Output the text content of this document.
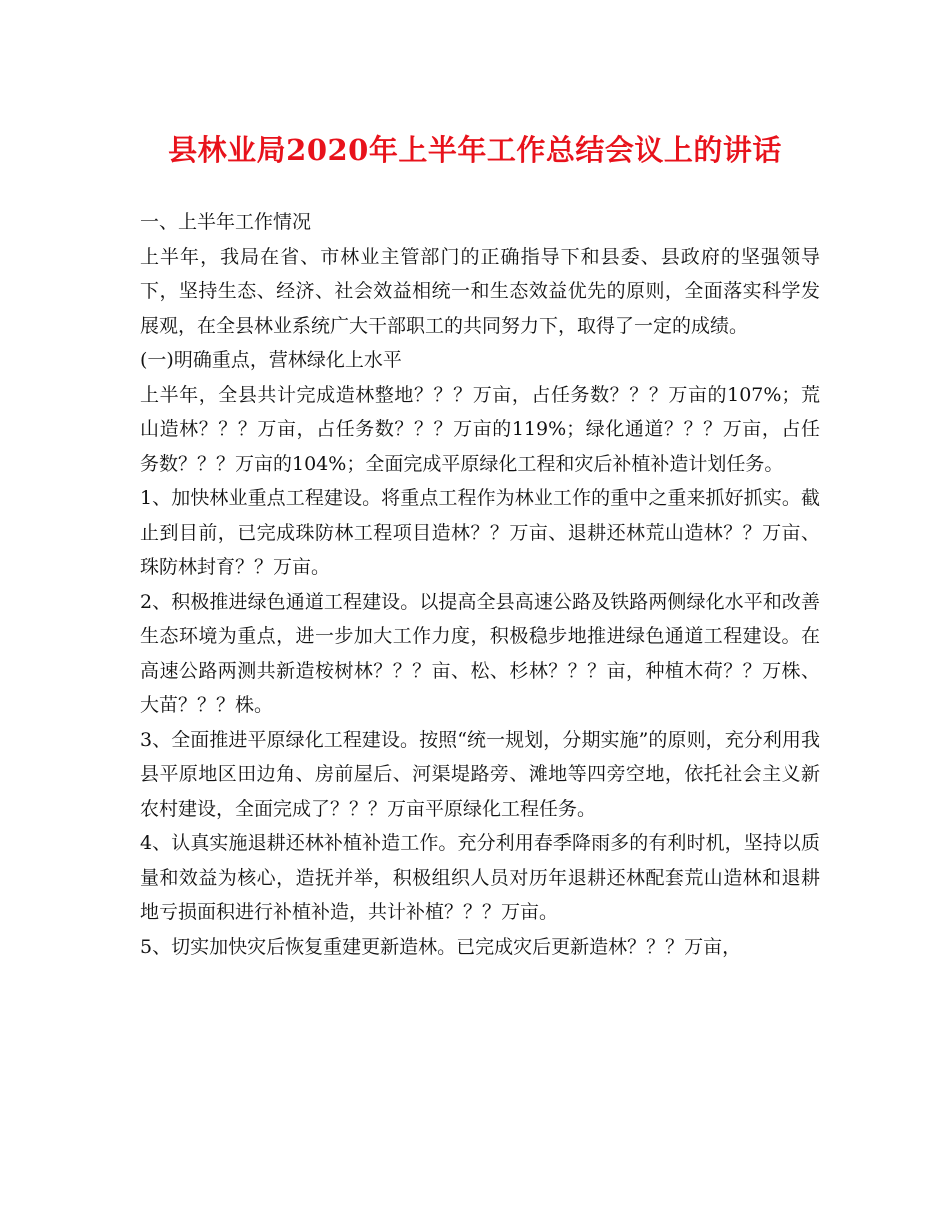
县林业局2020年上半年工作总结会议上的讲话

一、上半年工作情况

上半年，我局在省、市林业主管部门的正确指导下和县委、县政府的坚强领导下，坚持生态、经济、社会效益相统一和生态效益优先的原则，全面落实科学发展观，在全县林业系统广大干部职工的共同努力下，取得了一定的成绩。

(一)明确重点，营林绿化上水平

上半年，全县共计完成造林整地？？？万亩，占任务数？？？万亩的107%；荒山造林？？？万亩，占任务数？？？万亩的119%；绿化通道？？？万亩，占任务数？？？万亩的104%；全面完成平原绿化工程和灾后补植补造计划任务。

1、加快林业重点工程建设。将重点工程作为林业工作的重中之重来抓好抓实。截止到目前，已完成珠防林工程项目造林？？万亩、退耕还林荒山造林？？万亩、珠防林封育？？万亩。

2、积极推进绿色通道工程建设。以提高全县高速公路及铁路两侧绿化水平和改善生态环境为重点，进一步加大工作力度，积极稳步地推进绿色通道工程建设。在高速公路两测共新造桉树林？？？亩、松、杉林？？？亩，种植木荷？？万株、大苗？？？株。

3、全面推进平原绿化工程建设。按照“统一规划，分期实施”的原则，充分利用我县平原地区田边角、房前屋后、河渠堤路旁、滩地等四旁空地，依托社会主义新农村建设，全面完成了？？？万亩平原绿化工程任务。

4、认真实施退耕还林补植补造工作。充分利用春季降雨多的有利时机，坚持以质量和效益为核心，造抚并举，积极组织人员对历年退耕还林配套荒山造林和退耕地亏损面积进行补植补造，共计补植？？？万亩。

5、切实加快灾后恢复重建更新造林。已完成灾后更新造林？？？万亩，
